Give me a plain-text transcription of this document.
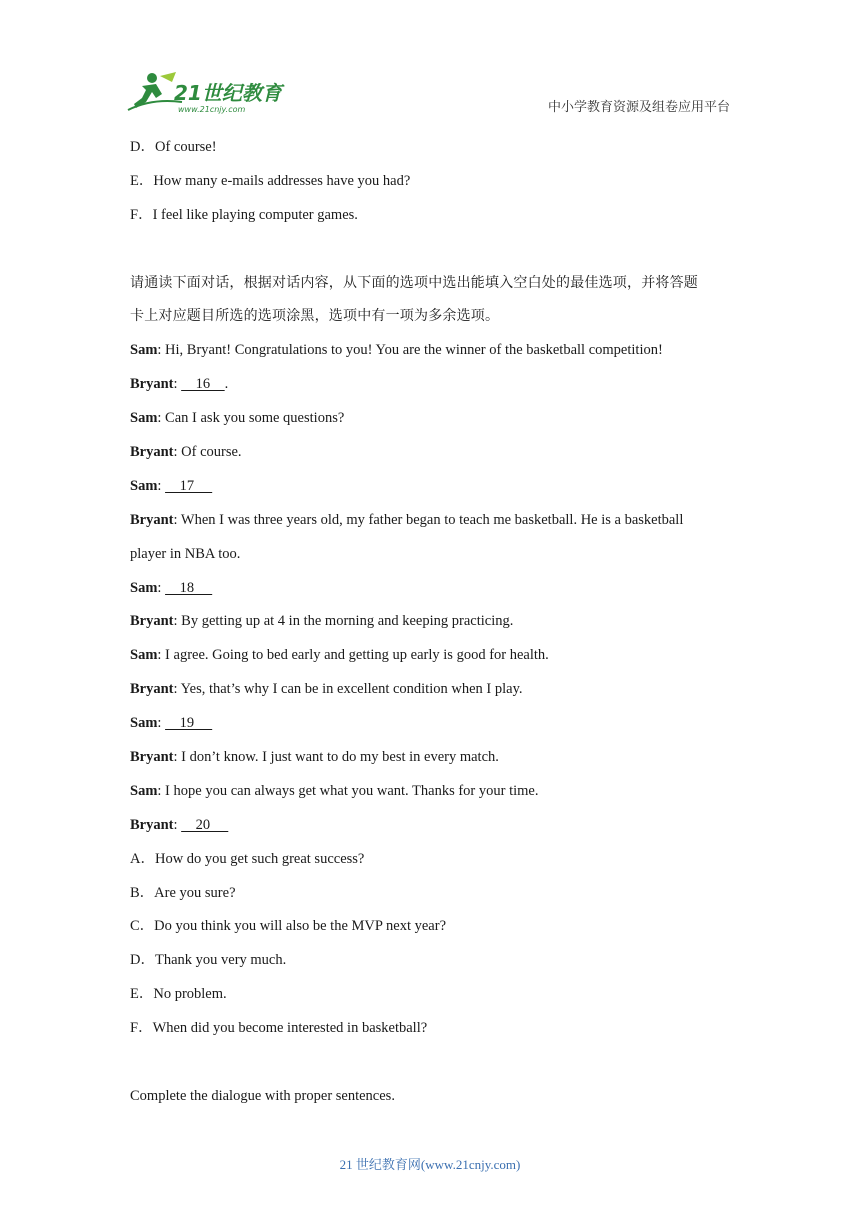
21世纪教育
www.21cnjy.com	中小学教育资源及组卷应用平台
D．Of course!
E．How many e-mails addresses have you had?
F．I feel like playing computer games.
请通读下面对话，根据对话内容，从下面的选项中选出能填入空白处的最佳选项，并将答题
卡上对应题目所选的选项涂黑，选项中有一项为多余选项。
Sam: Hi, Bryant! Congratulations to you! You are the winner of the basketball competition!
Bryant:     16    .
Sam: Can I ask you some questions?
Bryant: Of course.
Sam:     17
Bryant: When I was three years old, my father began to teach me basketball. He is a basketball
player in NBA too.
Sam:     18
Bryant: By getting up at 4 in the morning and keeping practicing.
Sam: I agree. Going to bed early and getting up early is good for health.
Bryant: Yes, that’s why I can be in excellent condition when I play.
Sam:     19
Bryant: I don’t know. I just want to do my best in every match.
Sam: I hope you can always get what you want. Thanks for your time.
Bryant:     20
A．How do you get such great success?
B．Are you sure?
C．Do you think you will also be the MVP next year?
D．Thank you very much.
E．No problem.
F．When did you become interested in basketball?
Complete the dialogue with proper sentences.
21 世纪教育网(www.21cnjy.com)
